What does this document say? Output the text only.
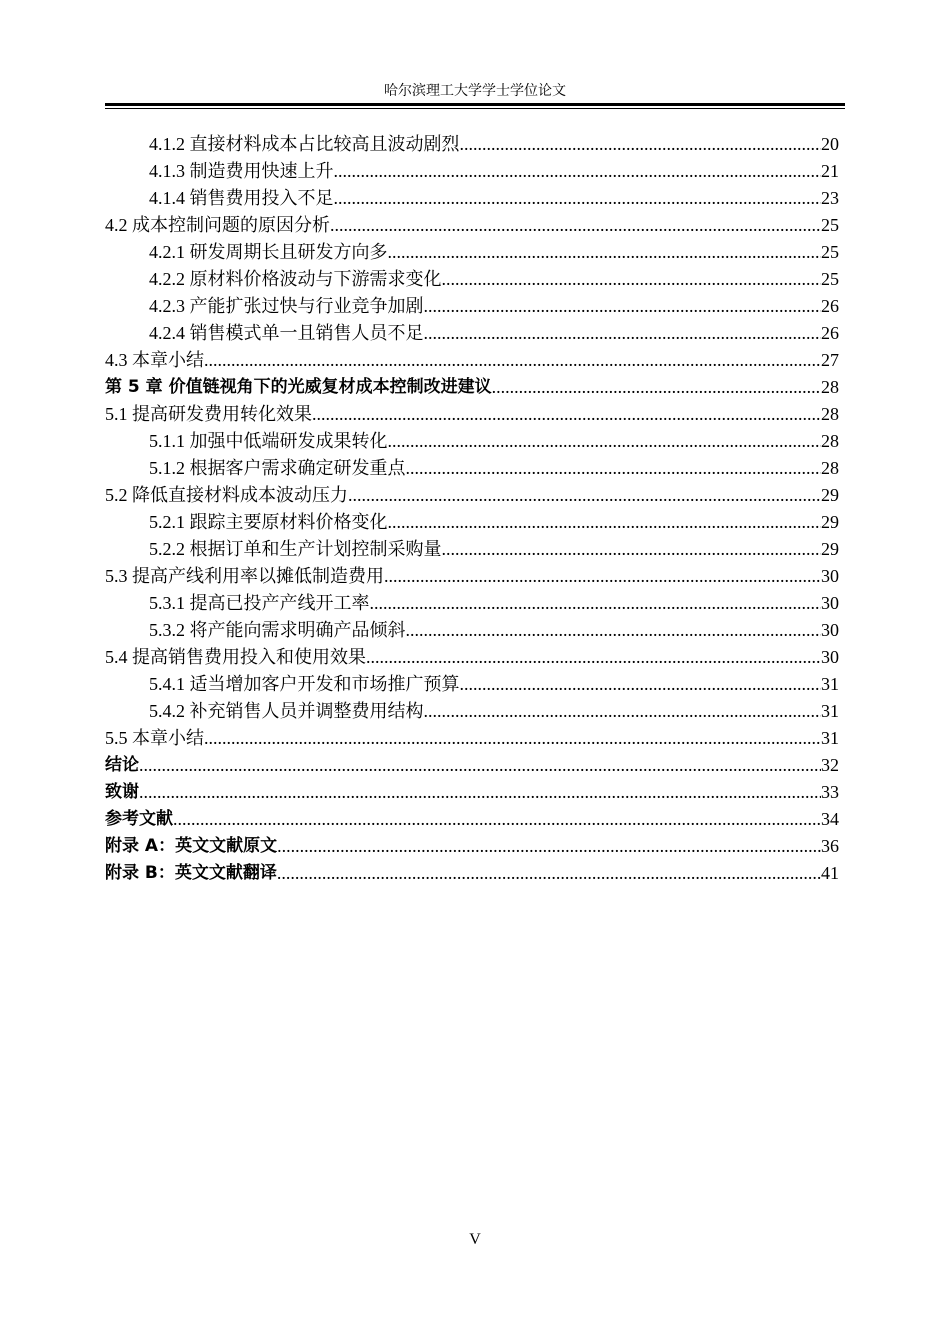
哈尔滨理工大学学士学位论文
4.1.2 直接材料成本占比较高且波动剧烈 .....	20
4.1.3 制造费用快速上升 .....	21
4.1.4 销售费用投入不足 .....	23
4.2 成本控制问题的原因分析 .....	25
4.2.1 研发周期长且研发方向多 .....	25
4.2.2 原材料价格波动与下游需求变化 .....	25
4.2.3 产能扩张过快与行业竞争加剧 .....	26
4.2.4 销售模式单一且销售人员不足 .....	26
4.3 本章小结 .....	27
第 5 章 价值链视角下的光威复材成本控制改进建议 .....	28
5.1 提高研发费用转化效果 .....	28
5.1.1 加强中低端研发成果转化 .....	28
5.1.2 根据客户需求确定研发重点 .....	28
5.2 降低直接材料成本波动压力 .....	29
5.2.1 跟踪主要原材料价格变化 .....	29
5.2.2 根据订单和生产计划控制采购量 .....	29
5.3 提高产线利用率以摊低制造费用 .....	30
5.3.1 提高已投产产线开工率 .....	30
5.3.2 将产能向需求明确产品倾斜 .....	30
5.4 提高销售费用投入和使用效果 .....	30
5.4.1 适当增加客户开发和市场推广预算 .....	31
5.4.2 补充销售人员并调整费用结构 .....	31
5.5 本章小结 .....	31
结论 .....	32
致谢 .....	33
参考文献 .....	34
附录 A：英文文献原文 .....	36
附录 B：英文文献翻译 .....	41
V
